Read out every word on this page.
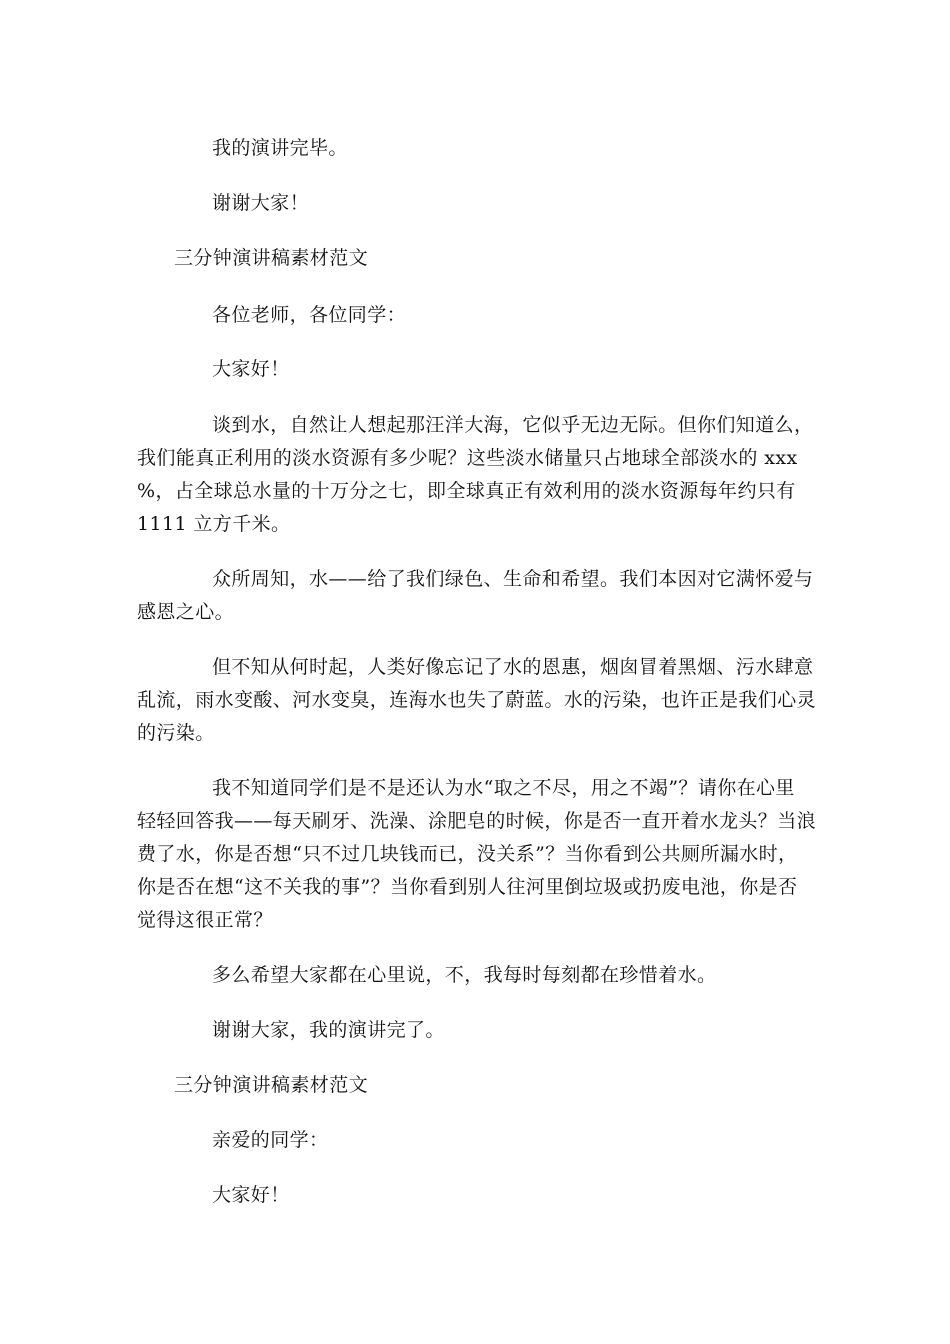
我的演讲完毕。
谢谢大家！
三分钟演讲稿素材范文
各位老师，各位同学：
大家好！
谈到水，自然让人想起那汪洋大海，它似乎无边无际。但你们知道么，
我们能真正利用的淡水资源有多少呢？这些淡水储量只占地球全部淡水的 xxx
%，占全球总水量的十万分之七，即全球真正有效利用的淡水资源每年约只有
1111 立方千米。
众所周知，水——给了我们绿色、生命和希望。我们本因对它满怀爱与
感恩之心。
但不知从何时起，人类好像忘记了水的恩惠，烟囱冒着黑烟、污水肆意
乱流，雨水变酸、河水变臭，连海水也失了蔚蓝。水的污染，也许正是我们心灵
的污染。
我不知道同学们是不是还认为水“取之不尽，用之不竭”？请你在心里
轻轻回答我——每天刷牙、洗澡、涂肥皂的时候，你是否一直开着水龙头？当浪
费了水，你是否想“只不过几块钱而已，没关系”？当你看到公共厕所漏水时，
你是否在想“这不关我的事”？当你看到别人往河里倒垃圾或扔废电池，你是否
觉得这很正常？
多么希望大家都在心里说，不，我每时每刻都在珍惜着水。
谢谢大家，我的演讲完了。
三分钟演讲稿素材范文
亲爱的同学：
大家好！
